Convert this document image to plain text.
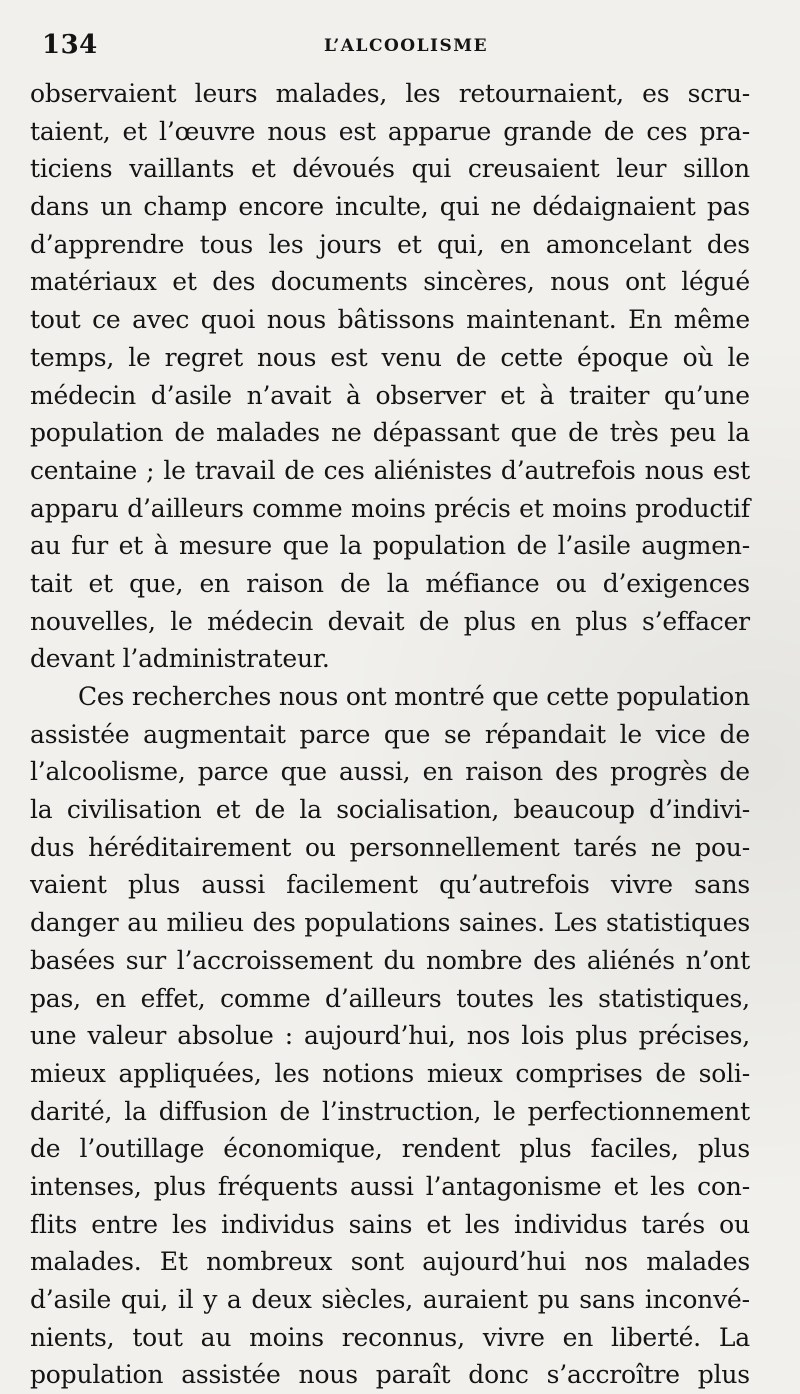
134	L’ALCOOLISME
observaient leurs malades, les retournaient, es scru-
taient, et l’œuvre nous est apparue grande de ces pra-
ticiens vaillants et dévoués qui creusaient leur sillon
dans un champ encore inculte, qui ne dédaignaient pas
d’apprendre tous les jours et qui, en amoncelant des
matériaux et des documents sincères, nous ont légué
tout ce avec quoi nous bâtissons maintenant. En même
temps, le regret nous est venu de cette époque où le
médecin d’asile n’avait à observer et à traiter qu’une
population de malades ne dépassant que de très peu la
centaine ; le travail de ces aliénistes d’autrefois nous est
apparu d’ailleurs comme moins précis et moins productif
au fur et à mesure que la population de l’asile augmen-
tait et que, en raison de la méfiance ou d’exigences
nouvelles, le médecin devait de plus en plus s’effacer
devant l’administrateur.
Ces recherches nous ont montré que cette population
assistée augmentait parce que se répandait le vice de
l’alcoolisme, parce que aussi, en raison des progrès de
la civilisation et de la socialisation, beaucoup d’indivi-
dus héréditairement ou personnellement tarés ne pou-
vaient plus aussi facilement qu’autrefois vivre sans
danger au milieu des populations saines. Les statistiques
basées sur l’accroissement du nombre des aliénés n’ont
pas, en effet, comme d’ailleurs toutes les statistiques,
une valeur absolue : aujourd’hui, nos lois plus précises,
mieux appliquées, les notions mieux comprises de soli-
darité, la diffusion de l’instruction, le perfectionnement
de l’outillage économique, rendent plus faciles, plus
intenses, plus fréquents aussi l’antagonisme et les con-
flits entre les individus sains et les individus tarés ou
malades. Et nombreux sont aujourd’hui nos malades
d’asile qui, il y a deux siècles, auraient pu sans inconvé-
nients, tout au moins reconnus, vivre en liberté. La
population assistée nous paraît donc s’accroître plus
